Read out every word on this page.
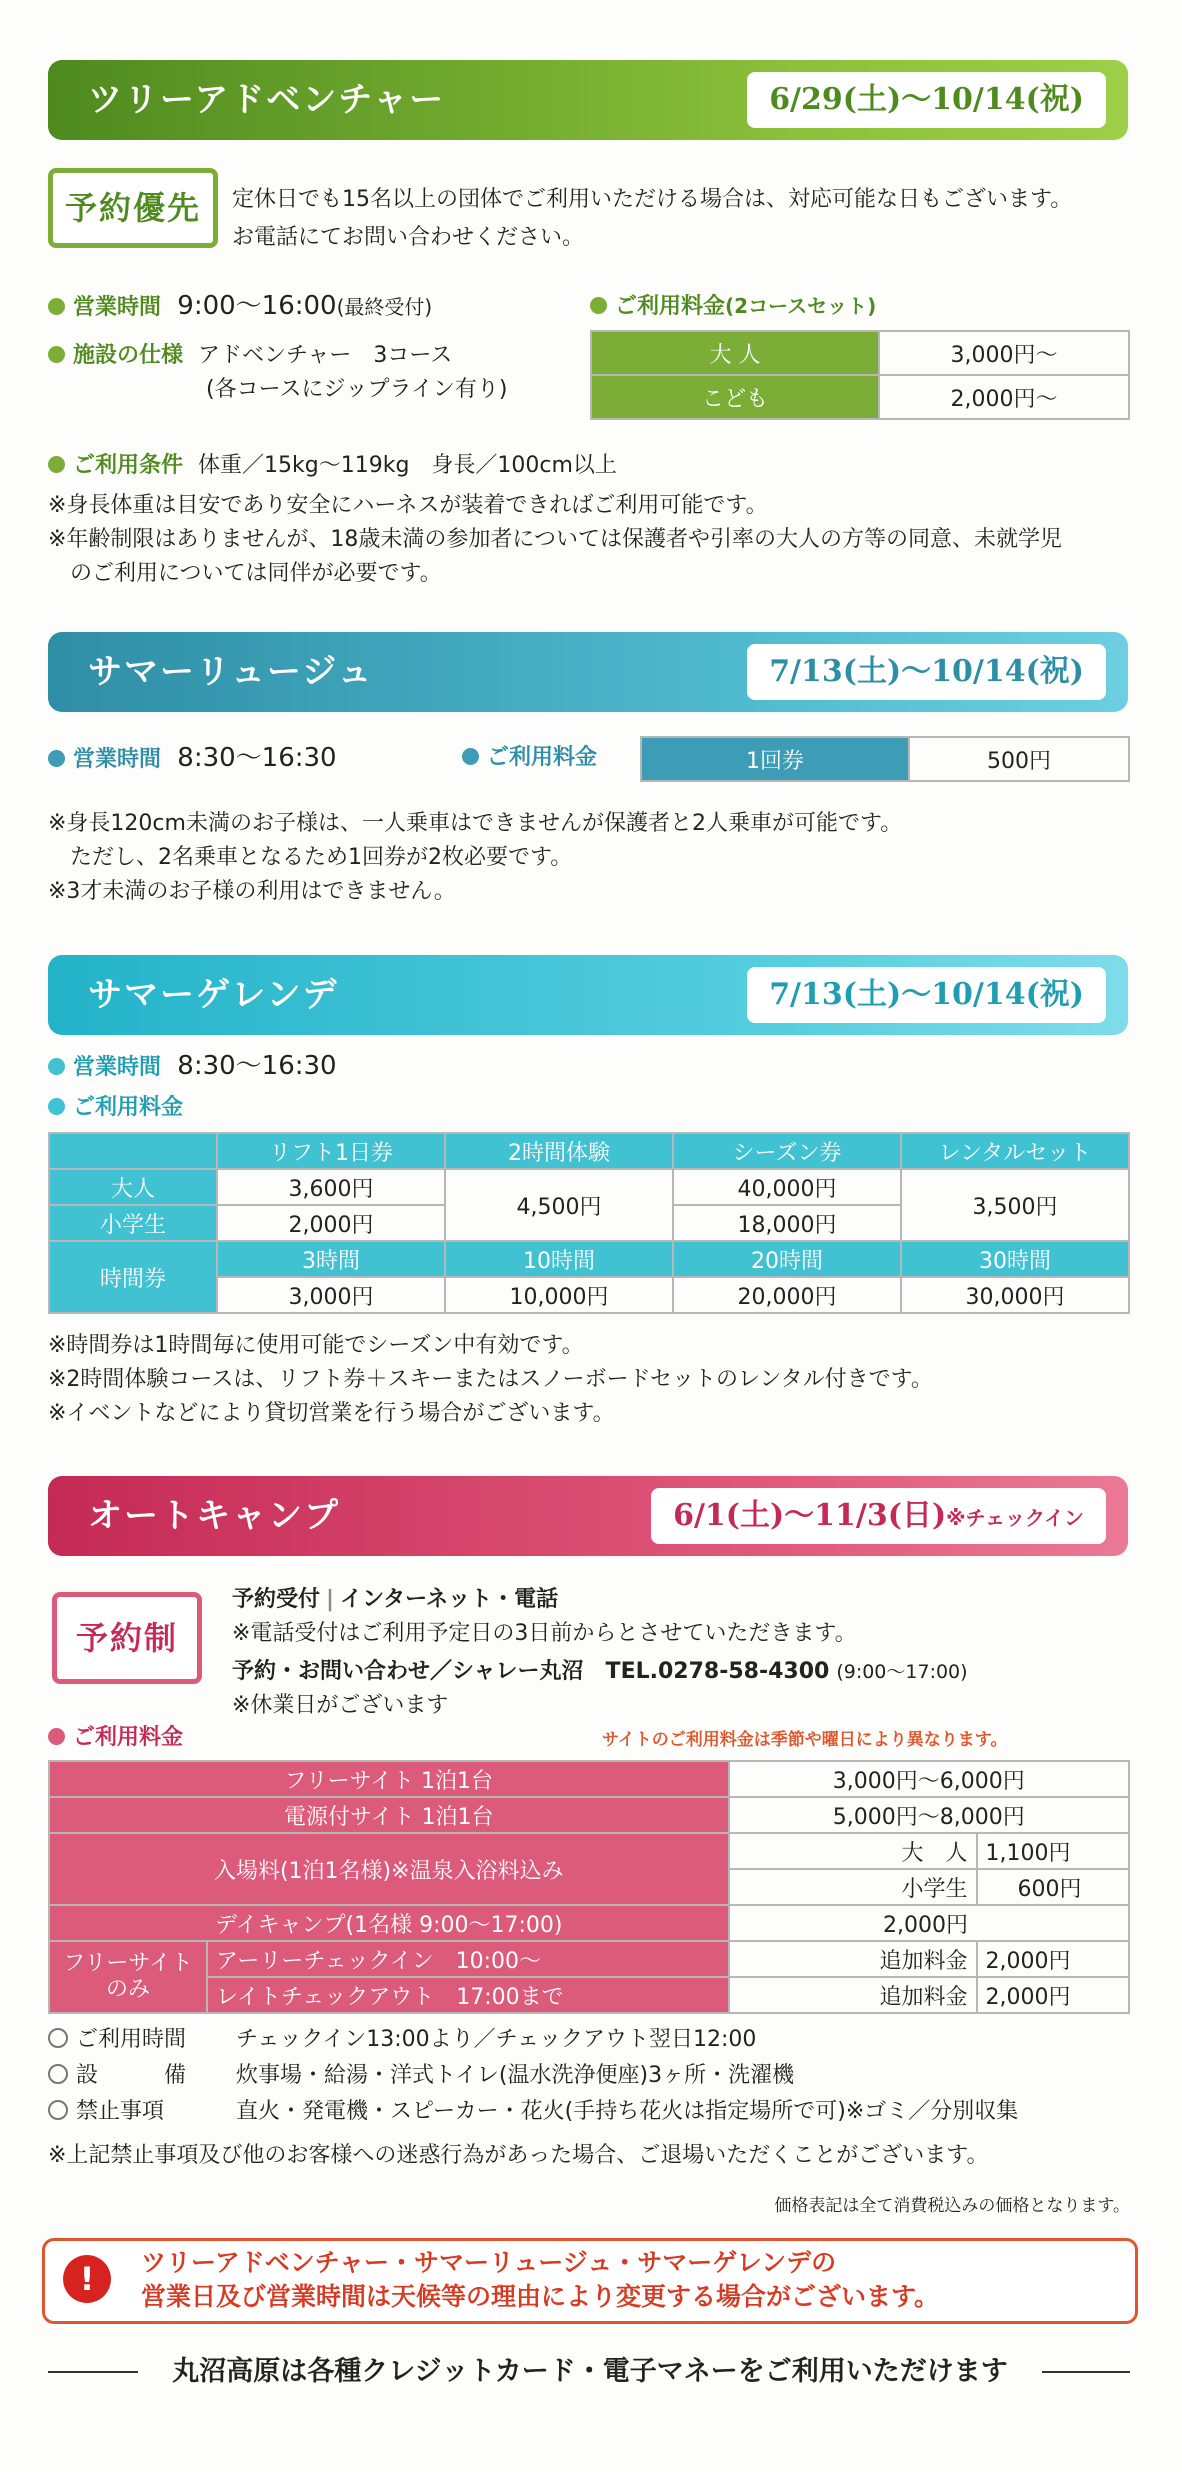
ツリーアドベンチャー	6/29(土)〜10/14(祝)
予約優先	定休日でも15名以上の団体でご利用いただける場合は、対応可能な日もございます。
お電話にてお問い合わせください。
営業時間 9:00〜16:00(最終受付)
施設の仕様 アドベンチャー　3コース
(各コースにジップライン有り)
ご利用料金(2コースセット)
大 人	3,000円〜
こども	2,000円〜
ご利用条件 体重／15kg〜119kg　身長／100cm以上
※身長体重は目安であり安全にハーネスが装着できればご利用可能です。
※年齢制限はありませんが、18歳未満の参加者については保護者や引率の大人の方等の同意、未就学児
　のご利用については同伴が必要です。
サマーリュージュ	7/13(土)〜10/14(祝)
営業時間 8:30〜16:30	ご利用料金	1回券	500円
※身長120cm未満のお子様は、一人乗車はできませんが保護者と2人乗車が可能です。
　ただし、2名乗車となるため1回券が2枚必要です。
※3才未満のお子様の利用はできません。
サマーゲレンデ	7/13(土)〜10/14(祝)
営業時間 8:30〜16:30
ご利用料金
	リフト1日券	2時間体験	シーズン券	レンタルセット
大人	3,600円	4,500円	40,000円	3,500円
小学生	2,000円		18,000円	
時間券	3時間	10時間	20時間	30時間
	3,000円	10,000円	20,000円	30,000円
※時間券は1時間毎に使用可能でシーズン中有効です。
※2時間体験コースは、リフト券＋スキーまたはスノーボードセットのレンタル付きです。
※イベントなどにより貸切営業を行う場合がございます。
オートキャンプ	6/1(土)〜11/3(日)※チェックイン
予約制
予約受付 | インターネット・電話
※電話受付はご利用予定日の3日前からとさせていただきます。
予約・お問い合わせ／シャレー丸沼　TEL.0278-58-4300 (9:00〜17:00)
※休業日がございます
ご利用料金	サイトのご利用料金は季節や曜日により異なります。
フリーサイト 1泊1台		3,000円〜6,000円	
電源付サイト 1泊1台		5,000円〜8,000円	
入場料(1泊1名様)※温泉入浴料込み		大　人	1,100円
		小学生	600円
デイキャンプ(1名様 9:00〜17:00)		2,000円	
フリーサイト
のみ	アーリーチェックイン　10:00〜	追加料金	2,000円
	レイトチェックアウト　17:00まで	追加料金	2,000円
ご利用時間 チェックイン13:00より／チェックアウト翌日12:00
設　　　備 炊事場・給湯・洋式トイレ(温水洗浄便座)3ヶ所・洗濯機
禁止事項	直火・発電機・スピーカー・花火(手持ち花火は指定場所で可)※ゴミ／分別収集
※上記禁止事項及び他のお客様への迷惑行為があった場合、ご退場いただくことがございます。
価格表記は全て消費税込みの価格となります。
!	ツリーアドベンチャー・サマーリュージュ・サマーゲレンデの
営業日及び営業時間は天候等の理由により変更する場合がございます。
丸沼高原は各種クレジットカード・電子マネーをご利用いただけます
